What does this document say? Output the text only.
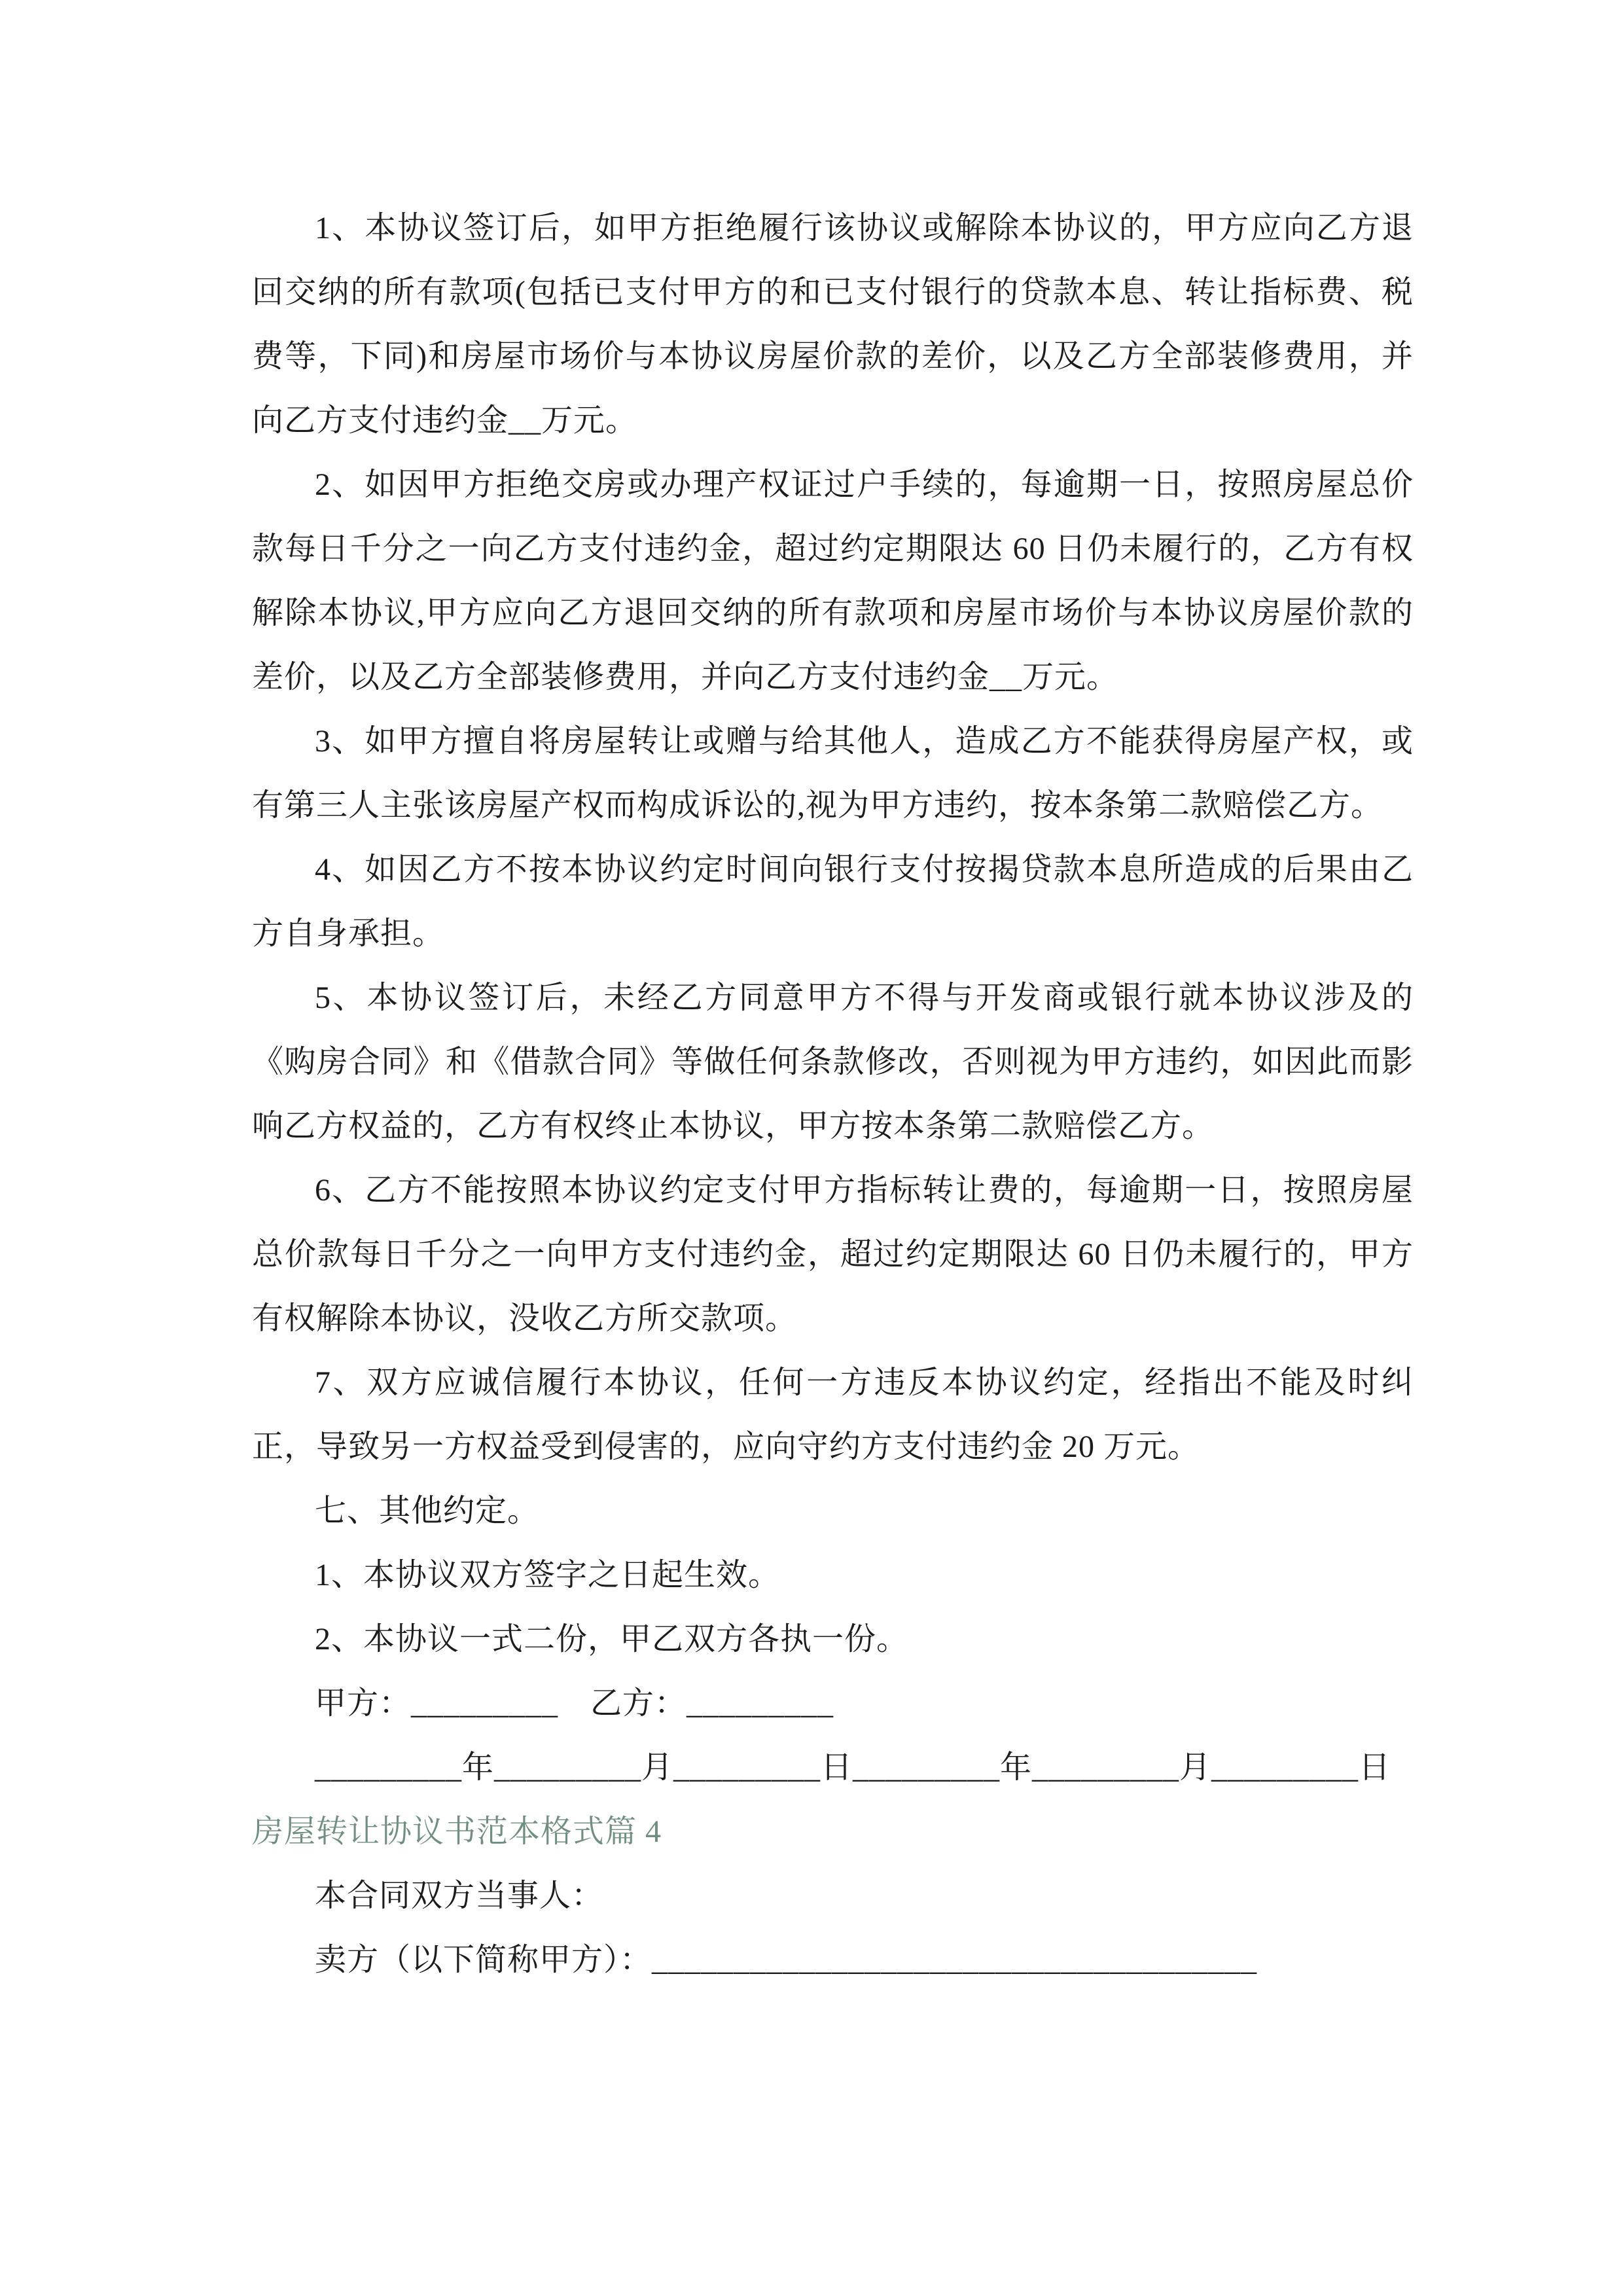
1、本协议签订后，如甲方拒绝履行该协议或解除本协议的，甲方应向乙方退回交纳的所有款项(包括已支付甲方的和已支付银行的贷款本息、转让指标费、税费等，下同)和房屋市场价与本协议房屋价款的差价，以及乙方全部装修费用，并向乙方支付违约金__万元。

2、如因甲方拒绝交房或办理产权证过户手续的，每逾期一日，按照房屋总价款每日千分之一向乙方支付违约金，超过约定期限达 60 日仍未履行的，乙方有权解除本协议,甲方应向乙方退回交纳的所有款项和房屋市场价与本协议房屋价款的差价，以及乙方全部装修费用，并向乙方支付违约金__万元。

3、如甲方擅自将房屋转让或赠与给其他人，造成乙方不能获得房屋产权，或有第三人主张该房屋产权而构成诉讼的,视为甲方违约，按本条第二款赔偿乙方。

4、如因乙方不按本协议约定时间向银行支付按揭贷款本息所造成的后果由乙方自身承担。

5、本协议签订后，未经乙方同意甲方不得与开发商或银行就本协议涉及的《购房合同》和《借款合同》等做任何条款修改，否则视为甲方违约，如因此而影响乙方权益的，乙方有权终止本协议，甲方按本条第二款赔偿乙方。

6、乙方不能按照本协议约定支付甲方指标转让费的，每逾期一日，按照房屋总价款每日千分之一向甲方支付违约金，超过约定期限达 60 日仍未履行的，甲方有权解除本协议，没收乙方所交款项。

7、双方应诚信履行本协议，任何一方违反本协议约定，经指出不能及时纠正，导致另一方权益受到侵害的，应向守约方支付违约金 20 万元。

七、其他约定。

1、本协议双方签字之日起生效。

2、本协议一式二份，甲乙双方各执一份。

甲方：_________　乙方：_________

_________年_________月_________日_________年_________月_________日

房屋转让协议书范本格式篇 4

本合同双方当事人：

卖方（以下简称甲方）：_____________________________________
